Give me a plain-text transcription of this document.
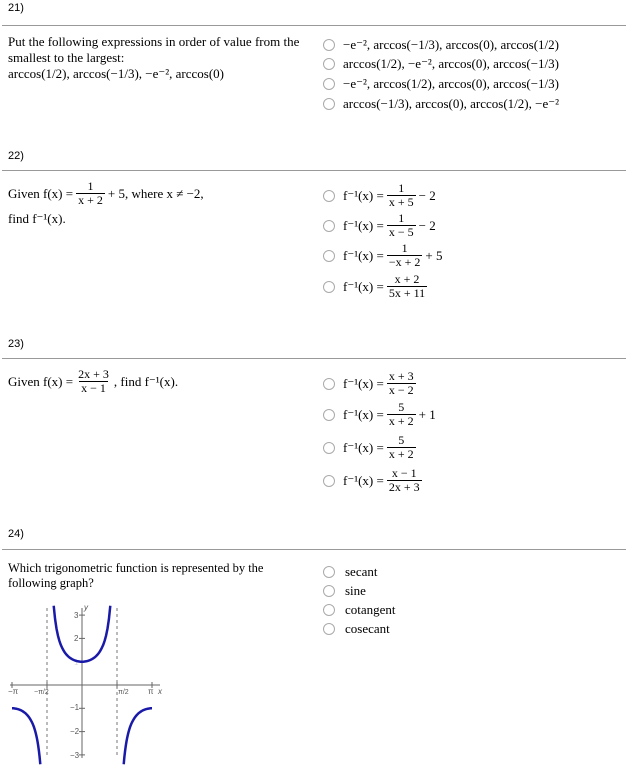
21)
Put the following expressions in order of value from the
smallest to the largest:
arccos(1/2), arccos(−1/3), −e⁻², arccos(0)
−e⁻², arccos(−1/3), arccos(0), arccos(1/2)
arccos(1/2), −e⁻², arccos(0), arccos(−1/3)
−e⁻², arccos(1/2), arccos(0), arccos(−1/3)
arccos(−1/3), arccos(0), arccos(1/2), −e⁻²
22)
Given $f(x) = \frac{1}{x + 2} + 5$, where x ≠ −2,
find f⁻¹(x).
$f^{-1}(x) = \frac{1}{x + 5} - 2$
$f^{-1}(x) = \frac{1}{x - 5} - 2$
$f^{-1}(x) = \frac{1}{-x + 2} + 5$
$f^{-1}(x) = \frac{x + 2}{5x + 11}$
23)
Given $f(x) = \frac{2x + 3}{x - 1}$ , find f⁻¹(x).	$f^{-1}(x) = \frac{x + 3}{x - 2}$
$f^{-1}(x) = \frac{5}{x + 2} + 1$
$f^{-1}(x) = \frac{5}{x + 2}$
$f^{-1}(x) = \frac{x - 1}{2x + 3}$
24)
Which trigonometric function is represented by the
following graph?
secant
sine
cotangent
cosecant
y
x
−π −π/2	π/2 π
3
2
1
−1
−2
−3
